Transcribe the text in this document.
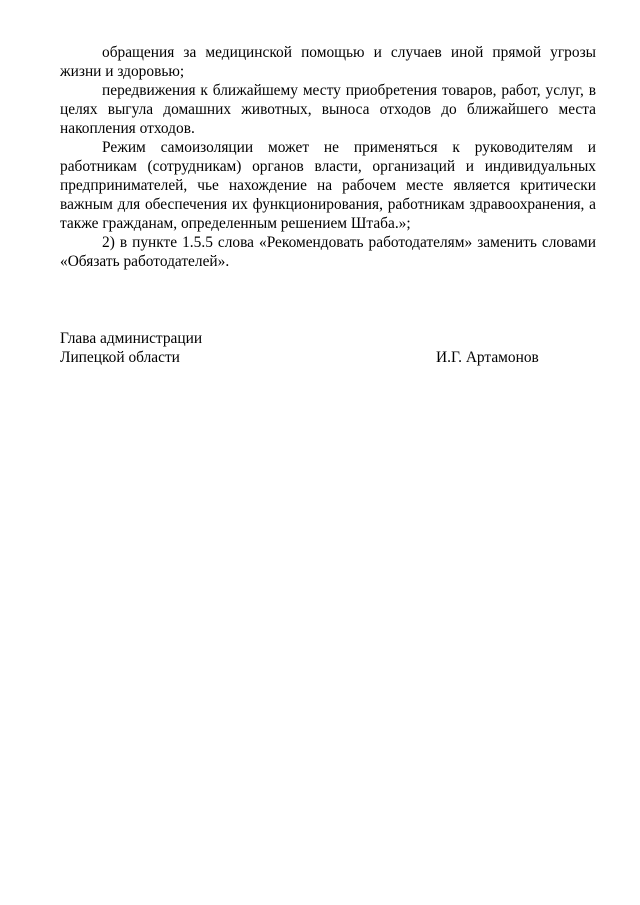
обращения за медицинской помощью и случаев иной прямой угрозы жизни и здоровью;

передвижения к ближайшему месту приобретения товаров, работ, услуг, в целях выгула домашних животных, выноса отходов до ближайшего места накопления отходов.

Режим самоизоляции может не применяться к руководителям и работникам (сотрудникам) органов власти, организаций и индивидуальных предпринимателей, чье нахождение на рабочем месте является критически важным для обеспечения их функционирования, работникам здравоохранения, а также гражданам, определенным решением Штаба.»;

2) в пункте 1.5.5 слова «Рекомендовать работодателям» заменить словами «Обязать работодателей».

Глава администрации
Липецкой области	И.Г. Артамонов
